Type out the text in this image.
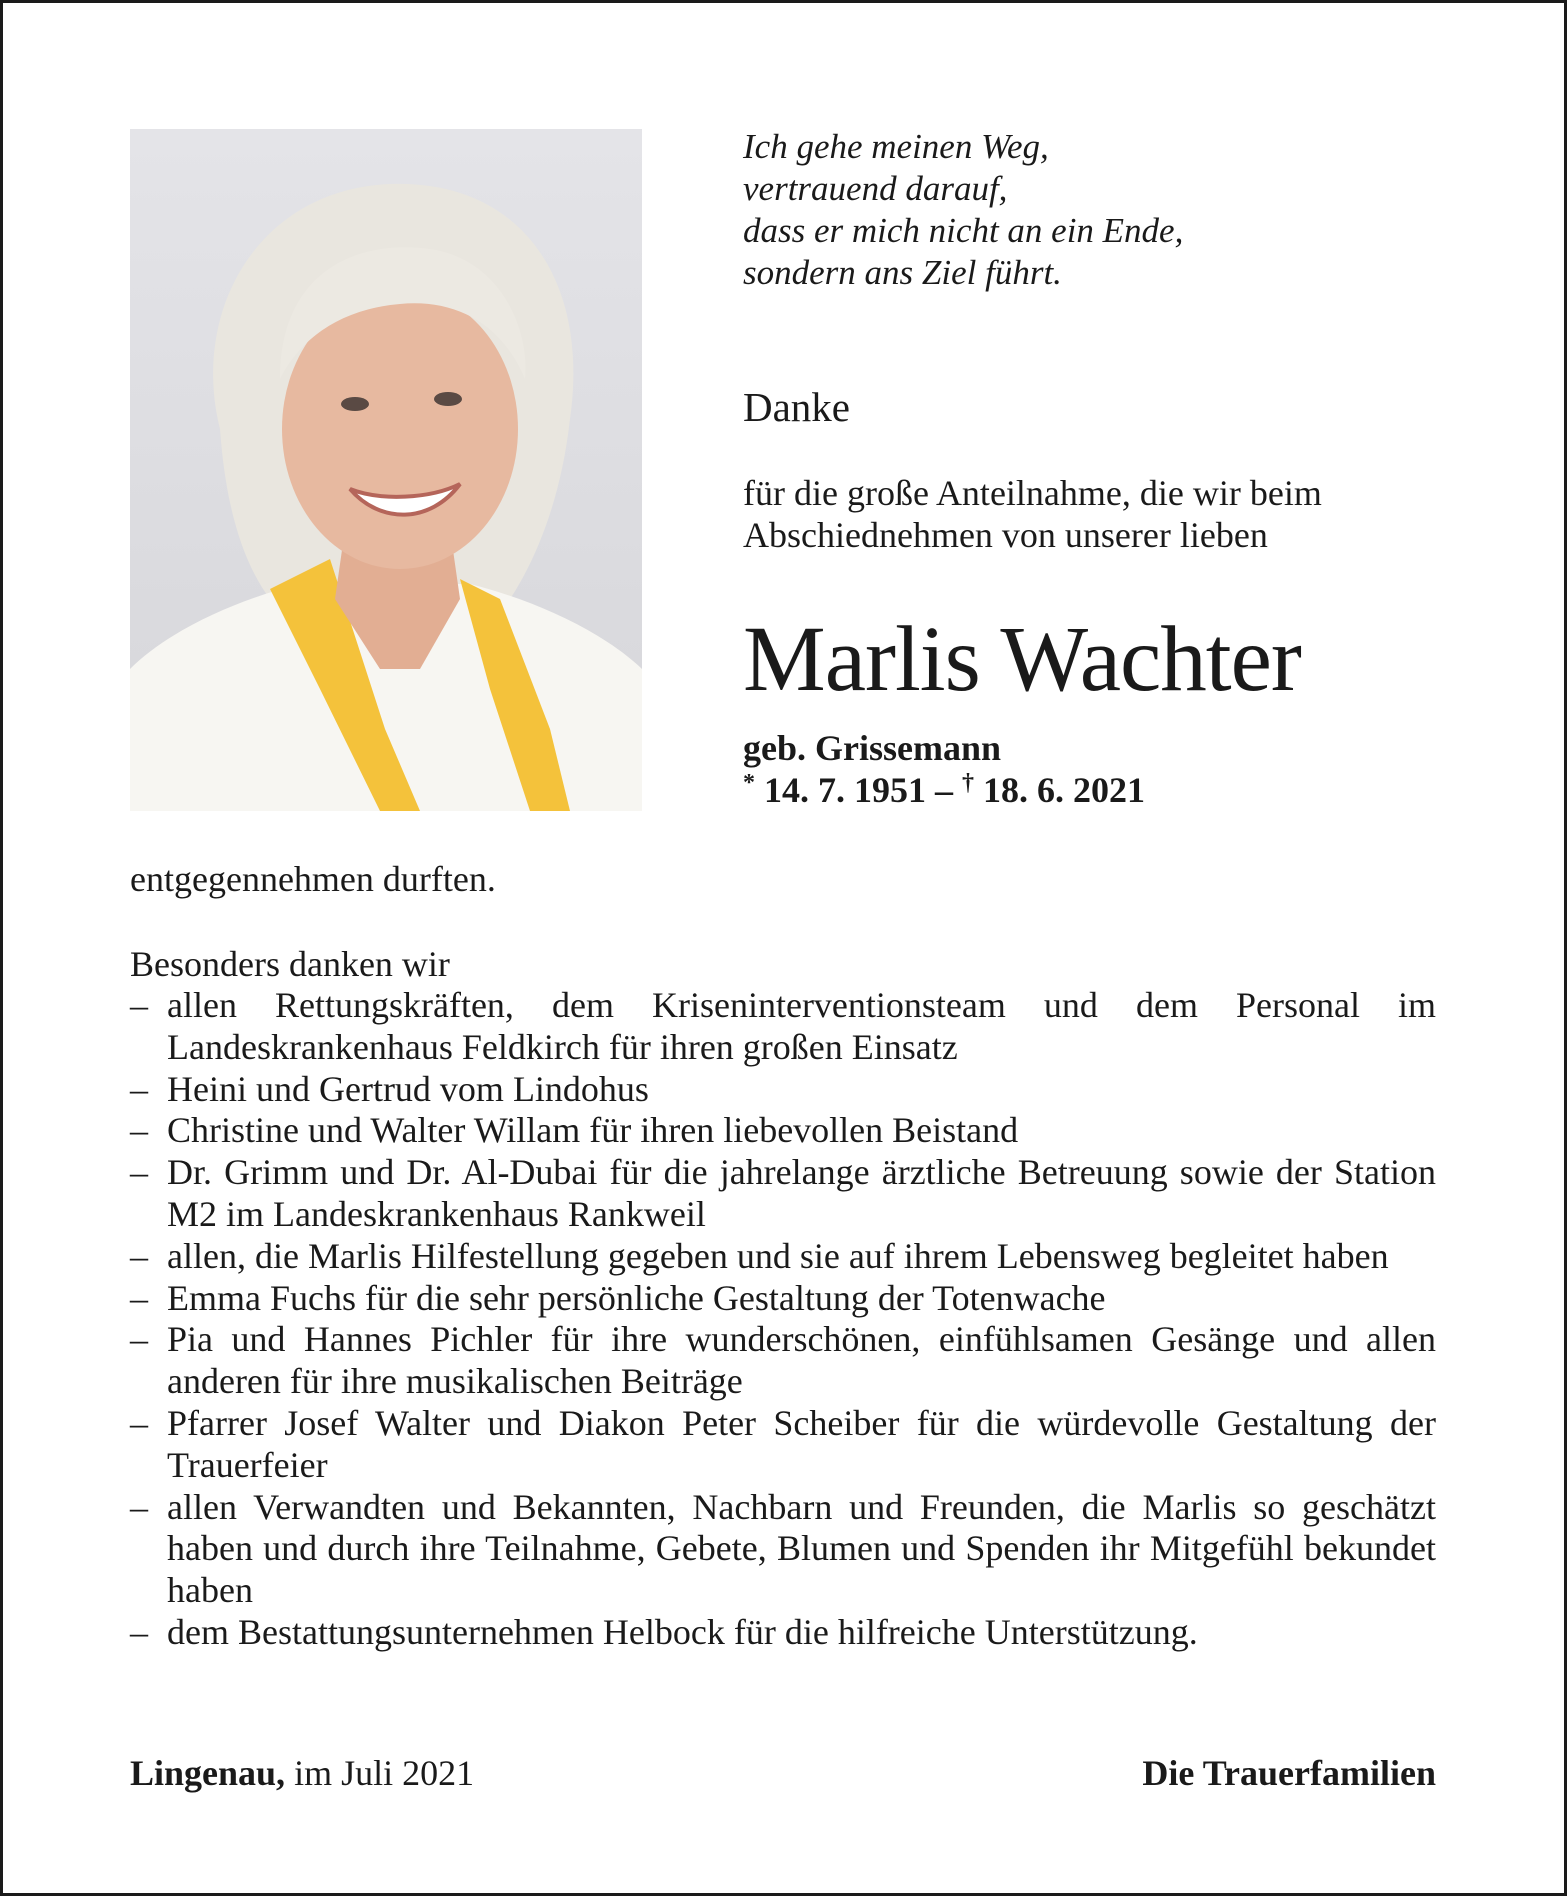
Ich gehe meinen Weg,
vertrauend darauf,
dass er mich nicht an ein Ende,
sondern ans Ziel führt.

Danke

für die große Anteilnahme, die wir beim
Abschiednehmen von unserer lieben
Marlis Wachter

geb. Grissemann

* 14. 7. 1951 – † 18. 6. 2021

entgegennehmen durften.

Besonders danken wir

– allen Rettungskräften, dem Kriseninterventionsteam und dem Personal im Landeskrankenhaus Feldkirch für ihren großen Einsatz
– Heini und Gertrud vom Lindohus
– Christine und Walter Willam für ihren liebevollen Beistand
– Dr. Grimm und Dr. Al-Dubai für die jahrelange ärztliche Betreuung sowie der Station M2 im Landeskrankenhaus Rankweil
– allen, die Marlis Hilfestellung gegeben und sie auf ihrem Lebensweg begleitet haben
– Emma Fuchs für die sehr persönliche Gestaltung der Totenwache
– Pia und Hannes Pichler für ihre wunderschönen, einfühlsamen Gesänge und allen anderen für ihre musikalischen Beiträge
– Pfarrer Josef Walter und Diakon Peter Scheiber für die würdevolle Gestaltung der Trauerfeier
– allen Verwandten und Bekannten, Nachbarn und Freunden, die Marlis so geschätzt haben und durch ihre Teilnahme, Gebete, Blumen und Spenden ihr Mitgefühl bekundet haben
– dem Bestattungsunternehmen Helbock für die hilfreiche Unterstützung.
Lingenau, im Juli 2021	Die Trauerfamilien
